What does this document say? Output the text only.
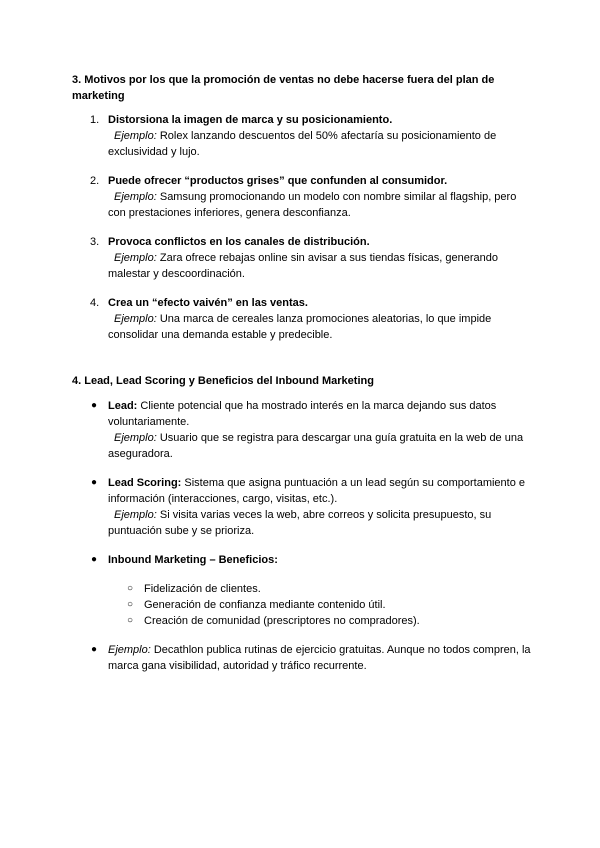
3. Motivos por los que la promoción de ventas no debe hacerse fuera del plan de marketing

1. Distorsiona la imagen de marca y su posicionamiento.
Ejemplo: Rolex lanzando descuentos del 50% afectaría su posicionamiento de exclusividad y lujo.
2. Puede ofrecer “productos grises” que confunden al consumidor.
Ejemplo: Samsung promocionando un modelo con nombre similar al flagship, pero con prestaciones inferiores, genera desconfianza.
3. Provoca conflictos en los canales de distribución.
Ejemplo: Zara ofrece rebajas online sin avisar a sus tiendas físicas, generando malestar y descoordinación.
4. Crea un “efecto vaivén” en las ventas.
Ejemplo: Una marca de cereales lanza promociones aleatorias, lo que impide consolidar una demanda estable y predecible.

4. Lead, Lead Scoring y Beneficios del Inbound Marketing

● Lead: Cliente potencial que ha mostrado interés en la marca dejando sus datos voluntariamente.
Ejemplo: Usuario que se registra para descargar una guía gratuita en la web de una aseguradora.
● Lead Scoring: Sistema que asigna puntuación a un lead según su comportamiento e información (interacciones, cargo, visitas, etc.).
Ejemplo: Si visita varias veces la web, abre correos y solicita presupuesto, su puntuación sube y se prioriza.
● Inbound Marketing – Beneficios:
○ Fidelización de clientes.
○ Generación de confianza mediante contenido útil.
○ Creación de comunidad (prescriptores no compradores).
● Ejemplo: Decathlon publica rutinas de ejercicio gratuitas. Aunque no todos compren, la marca gana visibilidad, autoridad y tráfico recurrente.
